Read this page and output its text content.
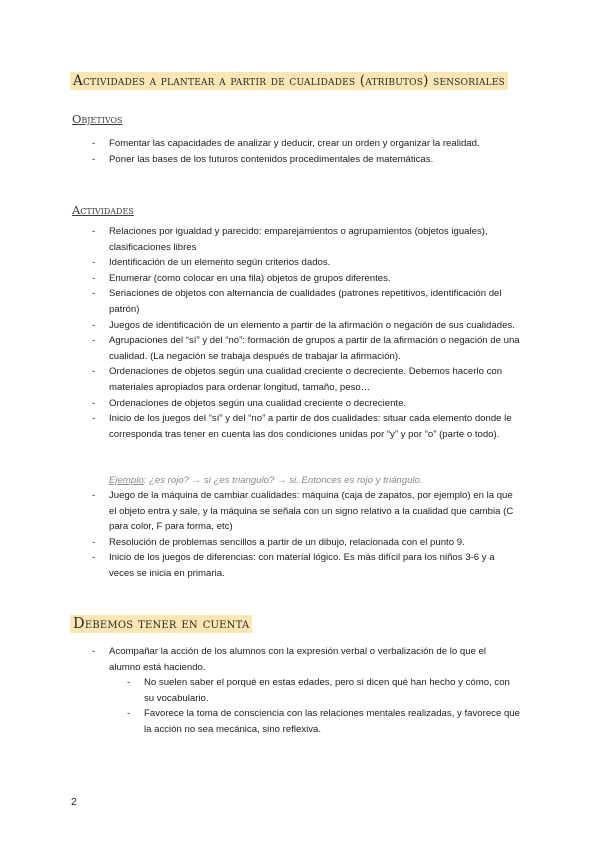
Actividades a plantear a partir de cualidades (atributos) sensoriales
Objetivos
- Fomentar las capacidades de analizar y deducir, crear un orden y organizar la realidad.
- Poner las bases de los futuros contenidos procedimentales de matemáticas.
Actividades
- Relaciones por igualdad y parecido: emparejamientos o agrupamientos (objetos iguales), clasificaciones libres
- Identificación de un elemento según criterios dados.
- Enumerar (como colocar en una fila) objetos de grupos diferentes.
- Seriaciones de objetos con alternancia de cualidades (patrones repetitivos, identificación del patrón)
- Juegos de identificación de un elemento a partir de la afirmación o negación de sus cualidades.
- Agrupaciones del “sí” y del “no”: formación de grupos a partir de la afirmación o negación de una cualidad. (La negación se trabaja después de trabajar la afirmación).
- Ordenaciones de objetos según una cualidad creciente o decreciente. Debemos hacerlo con materiales apropiados para ordenar longitud, tamaño, peso…
- Ordenaciones de objetos según una cualidad creciente o decreciente.
- Inicio de los juegos del “sí” y del “no” a partir de dos cualidades: situar cada elemento donde le corresponda tras tener en cuenta las dos condiciones unidas por “y” y por “o” (parte o todo).
Ejemplo: ¿es rojo? → si ¿es triangulo? → si. Entonces es rojo y triángulo.
- Juego de la máquina de cambiar cualidades: máquina (caja de zapatos, por ejemplo) en la que el objeto entra y sale, y la máquina se señala con un signo relativo a la cualidad que cambia (C para color, F para forma, etc)
- Resolución de problemas sencillos a partir de un dibujo, relacionada con el punto 9.
- Inicio de los juegos de diferencias: con material lógico. Es más difícil para los niños 3-6 y a veces se inicia en primaria.
Debemos tener en cuenta
- Acompañar la acción de los alumnos con la expresión verbal o verbalización de lo que el alumno está haciendo.
- No suelen saber el porqué en estas edades, pero si dicen qué han hecho y cómo, con su vocabulario.
- Favorece la toma de consciencia con las relaciones mentales realizadas, y favorece que la acción no sea mecánica, sino reflexiva.
2
